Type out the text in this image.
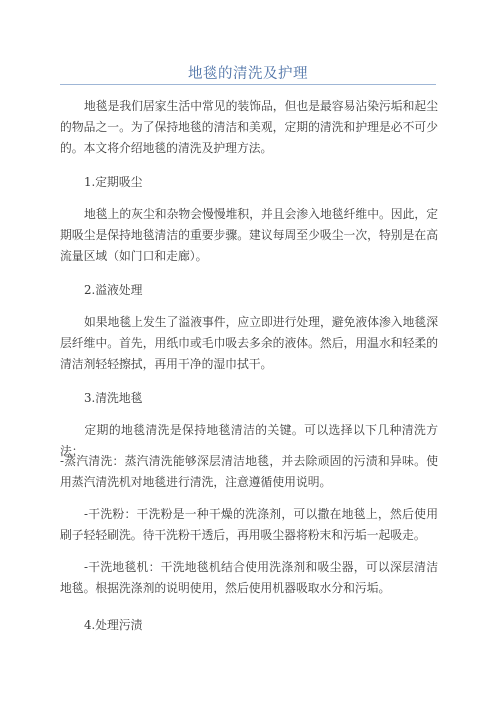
地毯的清洗及护理

地毯是我们居家生活中常见的装饰品，但也是最容易沾染污垢和起尘的物品之一。为了保持地毯的清洁和美观，定期的清洗和护理是必不可少的。本文将介绍地毯的清洗及护理方法。

1.定期吸尘

地毯上的灰尘和杂物会慢慢堆积，并且会渗入地毯纤维中。因此，定期吸尘是保持地毯清洁的重要步骤。建议每周至少吸尘一次，特别是在高流量区域（如门口和走廊）。

2.溢液处理

如果地毯上发生了溢液事件，应立即进行处理，避免液体渗入地毯深层纤维中。首先，用纸巾或毛巾吸去多余的液体。然后，用温水和轻柔的清洁剂轻轻擦拭，再用干净的湿巾拭干。

3.清洗地毯

定期的地毯清洗是保持地毯清洁的关键。可以选择以下几种清洗方法：

-蒸汽清洗：蒸汽清洗能够深层清洁地毯，并去除顽固的污渍和异味。使用蒸汽清洗机对地毯进行清洗，注意遵循使用说明。

-干洗粉：干洗粉是一种干燥的洗涤剂，可以撒在地毯上，然后使用刷子轻轻刷洗。待干洗粉干透后，再用吸尘器将粉末和污垢一起吸走。

-干洗地毯机：干洗地毯机结合使用洗涤剂和吸尘器，可以深层清洁地毯。根据洗涤剂的说明使用，然后使用机器吸取水分和污垢。

4.处理污渍
